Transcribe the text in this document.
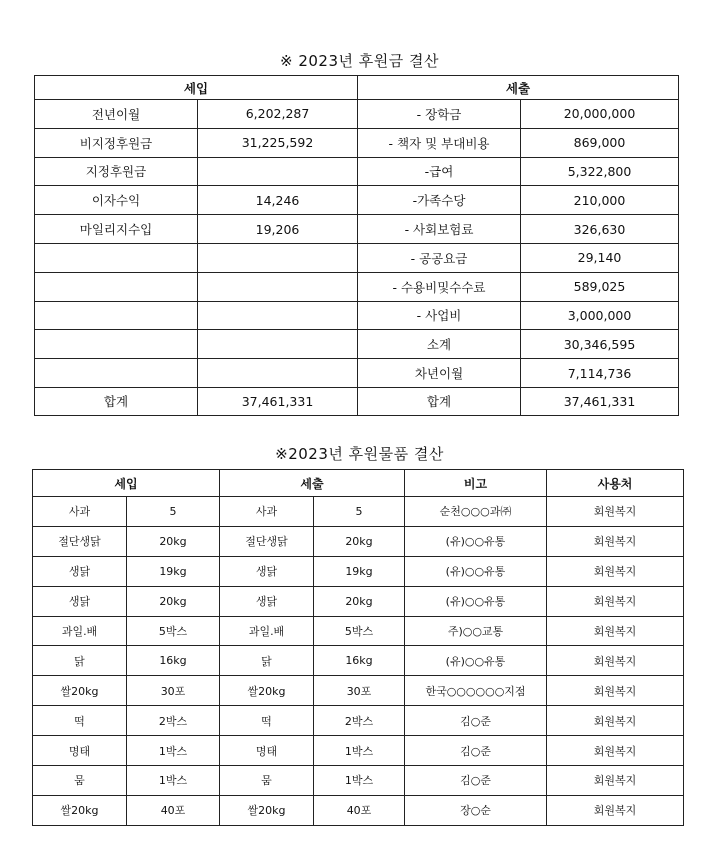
※ 2023년 후원금 결산
세입		세출	
전년이월	6,202,287	- 장학금	20,000,000
비지정후원금	31,225,592	- 책자 및 부대비용	869,000
지정후원금		-급여	5,322,800
이자수익	14,246	-가족수당	210,000
마일리지수입	19,206	- 사회보험료	326,630
		- 공공요금	29,140
		- 수용비및수수료	589,025
		- 사업비	3,000,000
		소계	30,346,595
		차년이월	7,114,736
합계	37,461,331	합계	37,461,331
※2023년 후원물품 결산
세입		세출		비고	사용처
사과	5	사과	5	순천○○○과㈜	회원복지
절단생닭	20kg	절단생닭	20kg	(유)○○유통	회원복지
생닭	19kg	생닭	19kg	(유)○○유통	회원복지
생닭	20kg	생닭	20kg	(유)○○유통	회원복지
과일.배	5박스	과일.배	5박스	주)○○교통	회원복지
닭	16kg	닭	16kg	(유)○○유통	회원복지
쌀20kg	30포	쌀20kg	30포	한국○○○○○○지점	회원복지
떡	2박스	떡	2박스	김○준	회원복지
명태	1박스	명태	1박스	김○준	회원복지
뭄	1박스	뭄	1박스	김○준	회원복지
쌀20kg	40포	쌀20kg	40포	장○순	회원복지
